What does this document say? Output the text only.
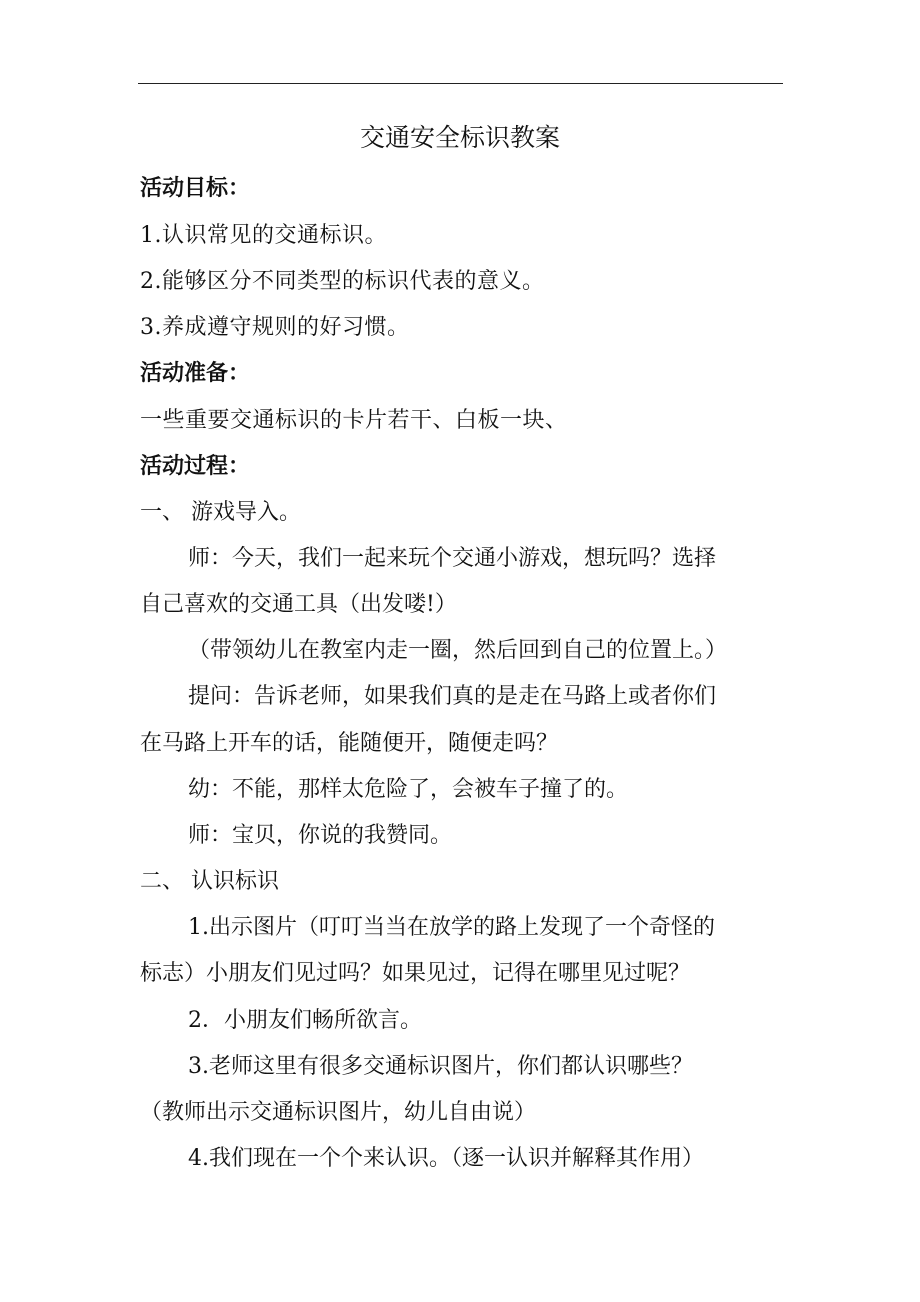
交通安全标识教案
活动目标：
1.认识常见的交通标识。
2.能够区分不同类型的标识代表的意义。
3.养成遵守规则的好习惯。
活动准备：
一些重要交通标识的卡片若干、白板一块、
活动过程：
一、 游戏导入。
师：今天，我们一起来玩个交通小游戏，想玩吗？选择
自己喜欢的交通工具（出发喽!）
（带领幼儿在教室内走一圈，然后回到自己的位置上。）
提问：告诉老师，如果我们真的是走在马路上或者你们
在马路上开车的话，能随便开，随便走吗？
幼：不能，那样太危险了，会被车子撞了的。
师：宝贝，你说的我赞同。
二、 认识标识
1.出示图片（叮叮当当在放学的路上发现了一个奇怪的
标志）小朋友们见过吗？如果见过，记得在哪里见过呢？
2．小朋友们畅所欲言。
3.老师这里有很多交通标识图片，你们都认识哪些？
（教师出示交通标识图片，幼儿自由说）
4.我们现在一个个来认识。（逐一认识并解释其作用）
